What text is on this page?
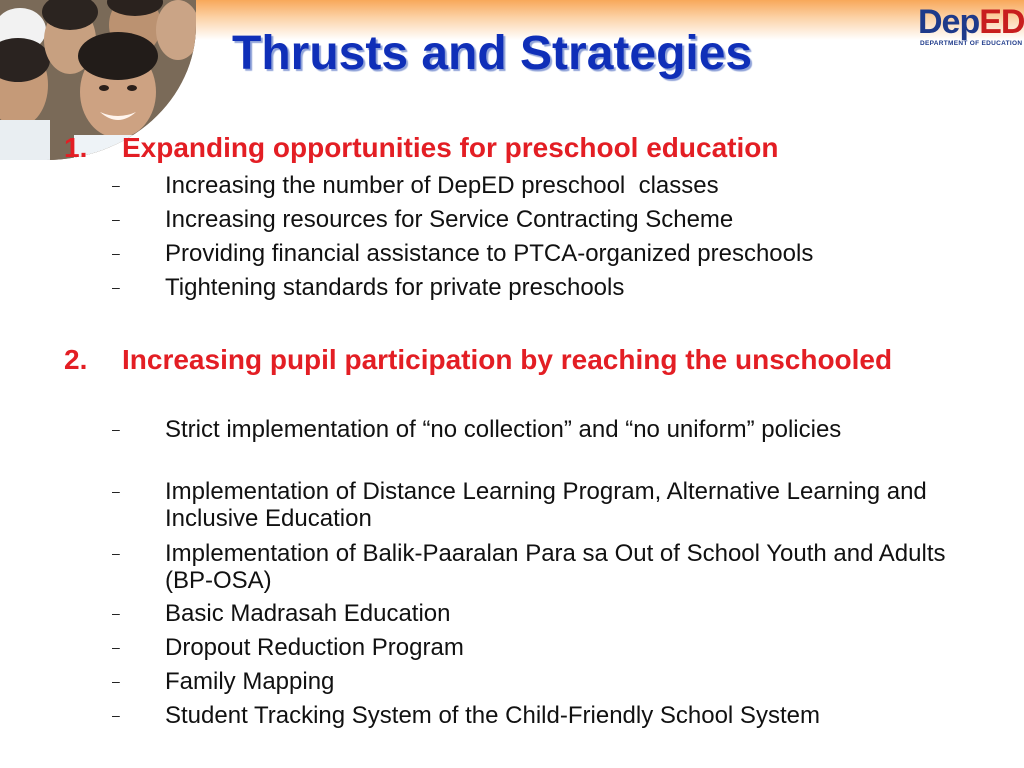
DepED
DEPARTMENT OF EDUCATION
Thrusts and Strategies
1. Expanding opportunities for preschool education
– Increasing the number of DepED preschool  classes
– Increasing resources for Service Contracting Scheme
– Providing financial assistance to PTCA-organized preschools
– Tightening standards for private preschools
2. Increasing pupil participation by reaching the unschooled
– Strict implementation of “no collection” and “no uniform” policies
– Implementation of Distance Learning Program, Alternative Learning and Inclusive Education
– Implementation of Balik-Paaralan Para sa Out of School Youth and Adults (BP-OSA)
– Basic Madrasah Education
– Dropout Reduction Program
– Family Mapping
– Student Tracking System of the Child-Friendly School System
